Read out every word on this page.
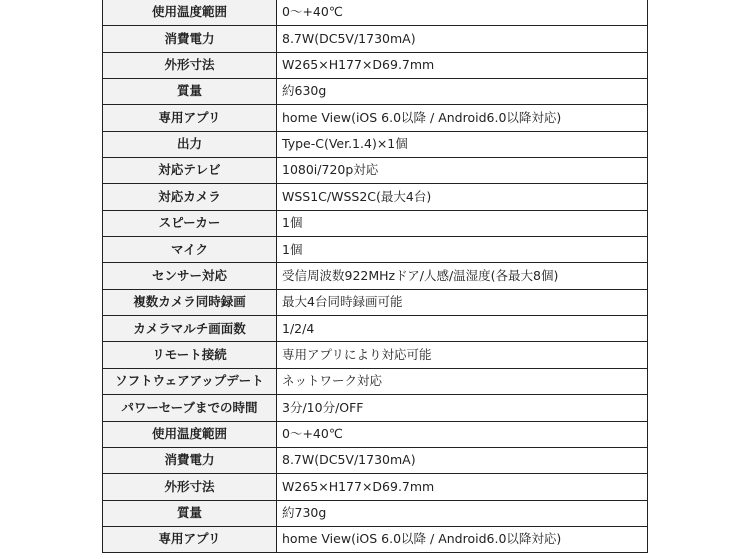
使用温度範囲	0～+40℃
消費電力	8.7W(DC5V/1730mA)
外形寸法	W265×H177×D69.7mm
質量	約630g
専用アプリ	home View(iOS 6.0以降 / Android6.0以降対応)
出力	Type-C(Ver.1.4)×1個
対応テレビ	1080i/720p対応
対応カメラ	WSS1C/WSS2C(最大4台)
スピーカー	1個
マイク	1個
センサー対応	受信周波数922MHzドア/人感/温湿度(各最大8個)
複数カメラ同時録画	最大4台同時録画可能
カメラマルチ画面数	1/2/4
リモート接続	専用アプリにより対応可能
ソフトウェアアップデート	ネットワーク対応
パワーセーブまでの時間	3分/10分/OFF
使用温度範囲	0～+40℃
消費電力	8.7W(DC5V/1730mA)
外形寸法	W265×H177×D69.7mm
質量	約730g
専用アプリ	home View(iOS 6.0以降 / Android6.0以降対応)
